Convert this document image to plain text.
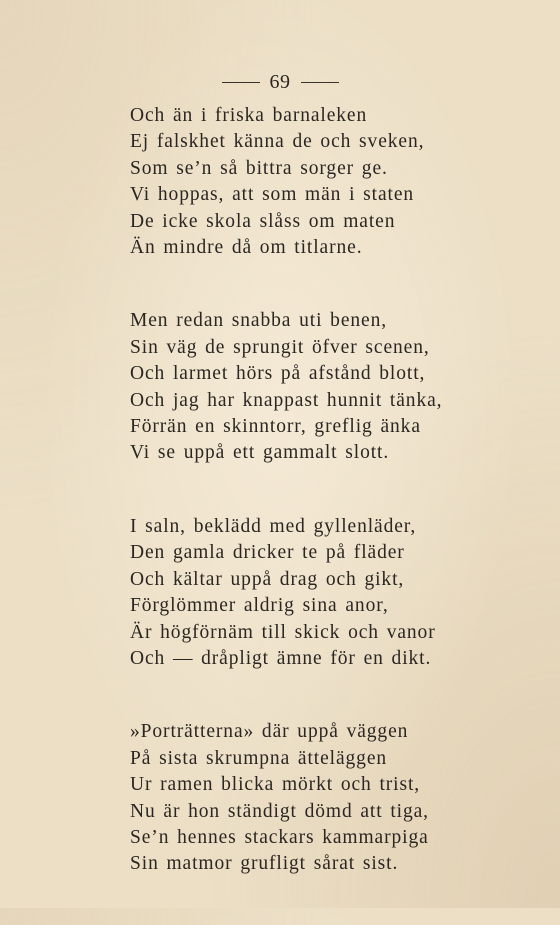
69
Och än i friska barnaleken
Ej falskhet känna de och sveken,
Som se’n så bittra sorger ge.
Vi hoppas, att som män i staten
De icke skola slåss om maten
Än mindre då om titlarne.
Men redan snabba uti benen,
Sin väg de sprungit öfver scenen,
Och larmet hörs på afstånd blott,
Och jag har knappast hunnit tänka,
Förrän en skinntorr, greflig änka
Vi se uppå ett gammalt slott.
I saln, beklädd med gyllenläder,
Den gamla dricker te på fläder
Och kältar uppå drag och gikt,
Förglömmer aldrig sina anor,
Är högförnäm till skick och vanor
Och — dråpligt ämne för en dikt.
»Porträtterna» där uppå väggen
På sista skrumpna ätteläggen
Ur ramen blicka mörkt och trist,
Nu är hon ständigt dömd att tiga,
Se’n hennes stackars kammarpiga
Sin matmor grufligt sårat sist.
